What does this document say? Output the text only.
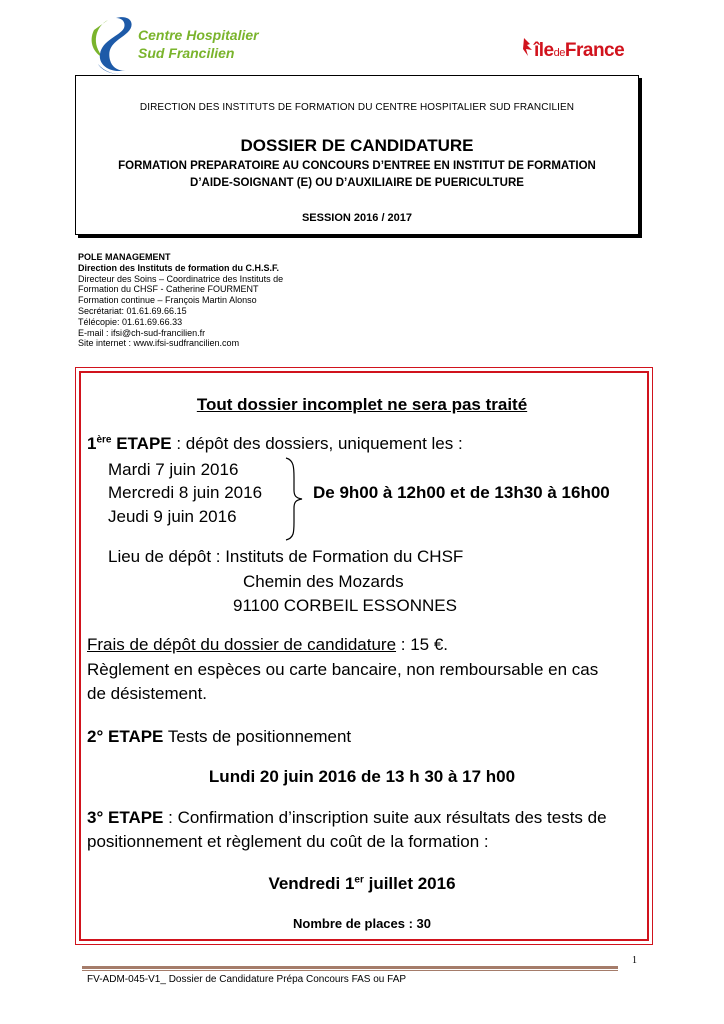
Centre Hospitalier
Sud Francilien	îledeFrance
DIRECTION DES INSTITUTS DE FORMATION DU CENTRE HOSPITALIER SUD FRANCILIEN
DOSSIER DE CANDIDATURE
FORMATION PREPARATOIRE AU CONCOURS D’ENTREE EN INSTITUT DE FORMATION
D’AIDE-SOIGNANT (E) OU D’AUXILIAIRE DE PUERICULTURE
SESSION 2016 / 2017
POLE MANAGEMENT
Direction des Instituts de formation du C.H.S.F.
Directeur des Soins – Coordinatrice des Instituts de
Formation du CHSF - Catherine FOURMENT
Formation continue – François Martin Alonso
Secrétariat: 01.61.69.66.15
Télécopie: 01.61.69.66.33
E-mail : ifsi@ch-sud-francilien.fr
Site internet : www.ifsi-sudfrancilien.com
Tout dossier incomplet ne sera pas traité
1ère ETAPE : dépôt des dossiers, uniquement les :
Mardi 7 juin 2016
Mercredi 8 juin 2016
Jeudi 9 juin 2016
De 9h00 à 12h00 et de 13h30 à 16h00
Lieu de dépôt : Instituts de Formation du CHSF
Chemin des Mozards
91100 CORBEIL ESSONNES
Frais de dépôt du dossier de candidature : 15 €.
Règlement en espèces ou carte bancaire, non remboursable en cas
de désistement.
2° ETAPE Tests de positionnement
Lundi 20 juin 2016 de 13 h 30 à 17 h00
3° ETAPE : Confirmation d’inscription suite aux résultats des tests de
positionnement et règlement du coût de la formation :
Vendredi 1er juillet 2016
Nombre de places : 30
1
FV-ADM-045-V1_ Dossier de Candidature Prépa Concours FAS ou FAP
